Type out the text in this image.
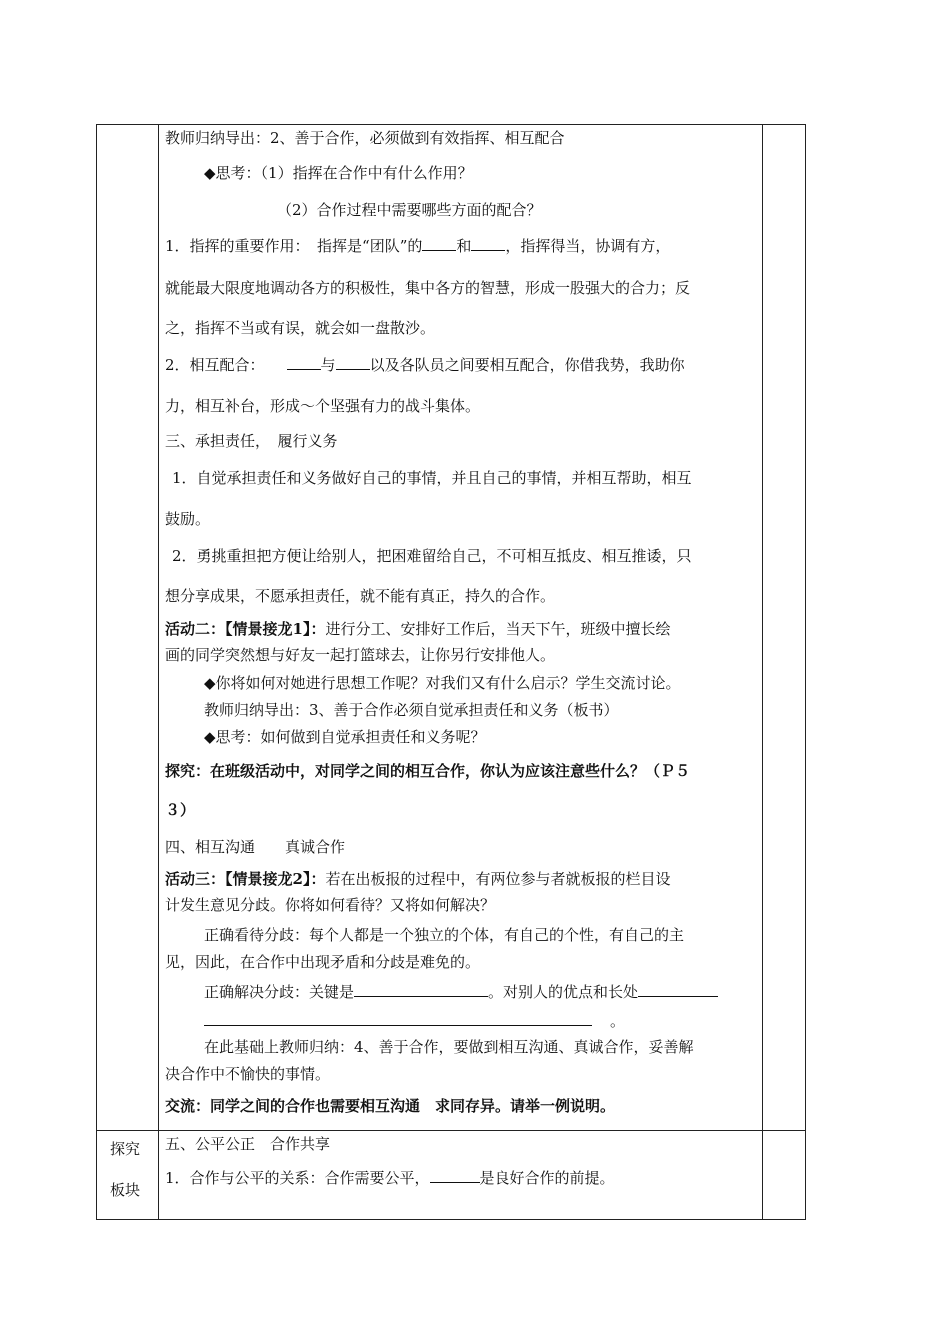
教师归纳导出：2、善于合作，必须做到有效指挥、相互配合
◆思考：（1）指挥在合作中有什么作用？
（2）合作过程中需要哪些方面的配合？
1．指挥的重要作用：　指挥是“团队”的 和 ，指挥得当，协调有方，
就能最大限度地调动各方的积极性，集中各方的智慧，形成一股强大的合力；反
之，指挥不当或有误，就会如一盘散沙。
2．相互配合：	与 以及各队员之间要相互配合，你借我势，我助你
力，相互补台，形成～个坚强有力的战斗集体。
三、承担责任，　履行义务
1．自觉承担责任和义务做好自己的事情，并且自己的事情，并相互帮助，相互
鼓励。
2．勇挑重担把方便让给别人，把困难留给自己，不可相互抵皮、相互推诿，只
想分享成果，不愿承担责任，就不能有真正，持久的合作。
活动二：【情景接龙1】：进行分工、安排好工作后，当天下午，班级中擅长绘
画的同学突然想与好友一起打篮球去，让你另行安排他人。
◆你将如何对她进行思想工作呢？对我们又有什么启示？学生交流讨论。
教师归纳导出：3、善于合作必须自觉承担责任和义务（板书）
◆思考：如何做到自觉承担责任和义务呢？
探究：在班级活动中，对同学之间的相互合作，你认为应该注意些什么？（Ｐ５
３）
四、相互沟通　　真诚合作
活动三：【情景接龙2】：若在出板报的过程中，有两位参与者就板报的栏目设
计发生意见分歧。你将如何看待？又将如何解决？
正确看待分歧：每个人都是一个独立的个体，有自己的个性，有自己的主
见，因此，在合作中出现矛盾和分歧是难免的。
正确解决分歧：关键是	。对别人的优点和长处
。
在此基础上教师归纳：4、善于合作，要做到相互沟通、真诚合作，妥善解
决合作中不愉快的事情。
交流：同学之间的合作也需要相互沟通　求同存异。请举一例说明。
五、公平公正　合作共享
1．合作与公平的关系：合作需要公平，	是良好合作的前提。
探究
板块
